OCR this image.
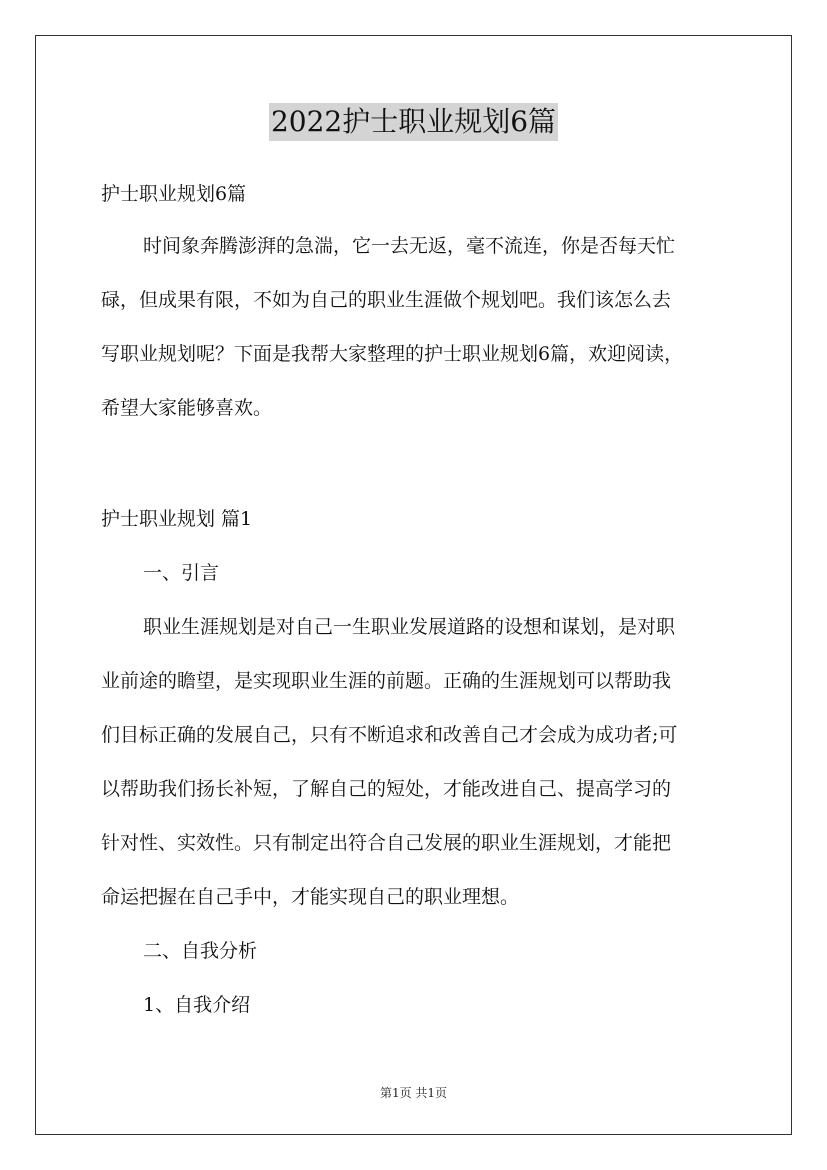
2022护士职业规划6篇
护士职业规划6篇
时间象奔腾澎湃的急湍，它一去无返，毫不流连，你是否每天忙
碌，但成果有限，不如为自己的职业生涯做个规划吧。我们该怎么去
写职业规划呢？下面是我帮大家整理的护士职业规划6篇，欢迎阅读，
希望大家能够喜欢。
护士职业规划 篇1
一、引言
职业生涯规划是对自己一生职业发展道路的设想和谋划，是对职
业前途的瞻望，是实现职业生涯的前题。正确的生涯规划可以帮助我
们目标正确的发展自己，只有不断追求和改善自己才会成为成功者;可
以帮助我们扬长补短，了解自己的短处，才能改进自己、提高学习的
针对性、实效性。只有制定出符合自己发展的职业生涯规划，才能把
命运把握在自己手中，才能实现自己的职业理想。
二、自我分析
1、自我介绍
第1页 共1页
